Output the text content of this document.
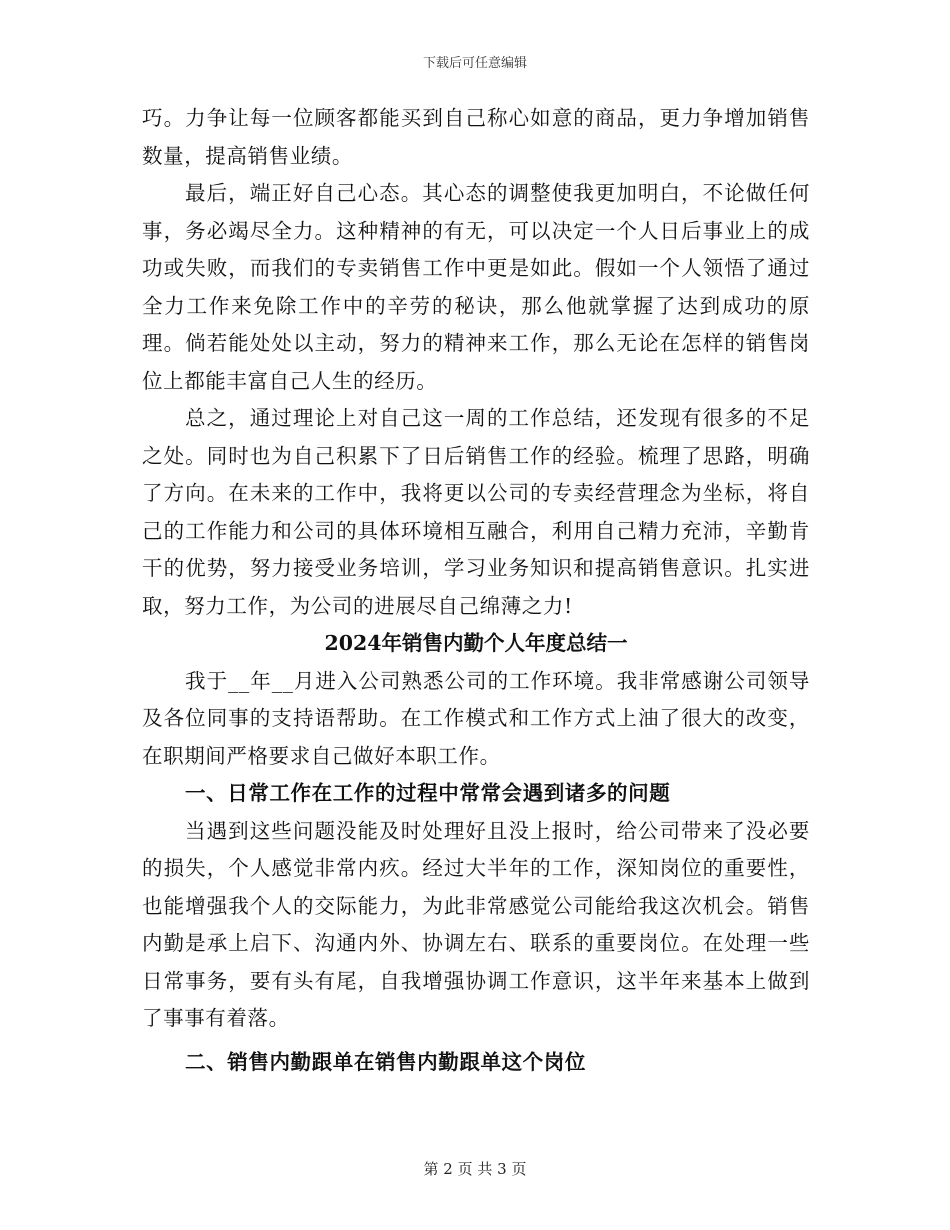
下载后可任意编辑

巧。力争让每一位顾客都能买到自己称心如意的商品，更力争增加销售数量，提高销售业绩。

最后，端正好自己心态。其心态的调整使我更加明白，不论做任何事，务必竭尽全力。这种精神的有无，可以决定一个人日后事业上的成功或失败，而我们的专卖销售工作中更是如此。假如一个人领悟了通过全力工作来免除工作中的辛劳的秘诀，那么他就掌握了达到成功的原理。倘若能处处以主动，努力的精神来工作，那么无论在怎样的销售岗位上都能丰富自己人生的经历。

总之，通过理论上对自己这一周的工作总结，还发现有很多的不足之处。同时也为自己积累下了日后销售工作的经验。梳理了思路，明确了方向。在未来的工作中，我将更以公司的专卖经营理念为坐标，将自己的工作能力和公司的具体环境相互融合，利用自己精力充沛，辛勤肯干的优势，努力接受业务培训，学习业务知识和提高销售意识。扎实进取，努力工作，为公司的进展尽自己绵薄之力!

2024年销售内勤个人年度总结一

我于__年__月进入公司熟悉公司的工作环境。我非常感谢公司领导及各位同事的支持语帮助。在工作模式和工作方式上油了很大的改变，在职期间严格要求自己做好本职工作。

一、日常工作在工作的过程中常常会遇到诸多的问题

当遇到这些问题没能及时处理好且没上报时，给公司带来了没必要的损失，个人感觉非常内疚。经过大半年的工作，深知岗位的重要性，也能增强我个人的交际能力，为此非常感觉公司能给我这次机会。销售内勤是承上启下、沟通内外、协调左右、联系的重要岗位。在处理一些日常事务，要有头有尾，自我增强协调工作意识，这半年来基本上做到了事事有着落。

二、销售内勤跟单在销售内勤跟单这个岗位

第 2 页 共 3 页
